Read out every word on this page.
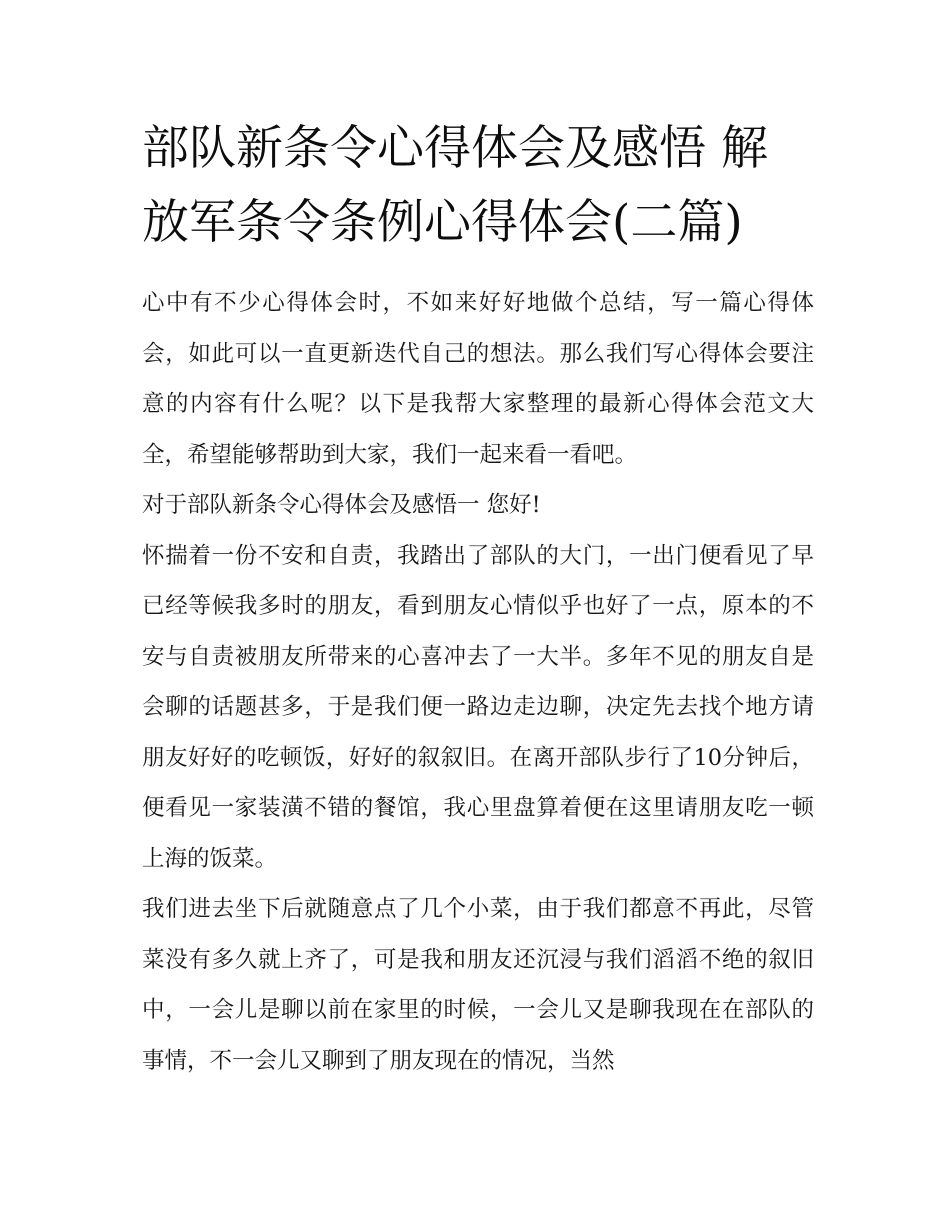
部队新条令心得体会及感悟 解放军条令条例心得体会(二篇)

心中有不少心得体会时，不如来好好地做个总结，写一篇心得体会，如此可以一直更新迭代自己的想法。那么我们写心得体会要注意的内容有什么呢？以下是我帮大家整理的最新心得体会范文大全，希望能够帮助到大家，我们一起来看一看吧。

对于部队新条令心得体会及感悟一 您好!

怀揣着一份不安和自责，我踏出了部队的大门，一出门便看见了早已经等候我多时的朋友，看到朋友心情似乎也好了一点，原本的不安与自责被朋友所带来的心喜冲去了一大半。多年不见的朋友自是会聊的话题甚多，于是我们便一路边走边聊，决定先去找个地方请朋友好好的吃顿饭，好好的叙叙旧。在离开部队步行了10分钟后，便看见一家装潢不错的餐馆，我心里盘算着便在这里请朋友吃一顿上海的饭菜。

我们进去坐下后就随意点了几个小菜，由于我们都意不再此，尽管菜没有多久就上齐了，可是我和朋友还沉浸与我们滔滔不绝的叙旧中，一会儿是聊以前在家里的时候，一会儿又是聊我现在在部队的事情，不一会儿又聊到了朋友现在的情况，当然
